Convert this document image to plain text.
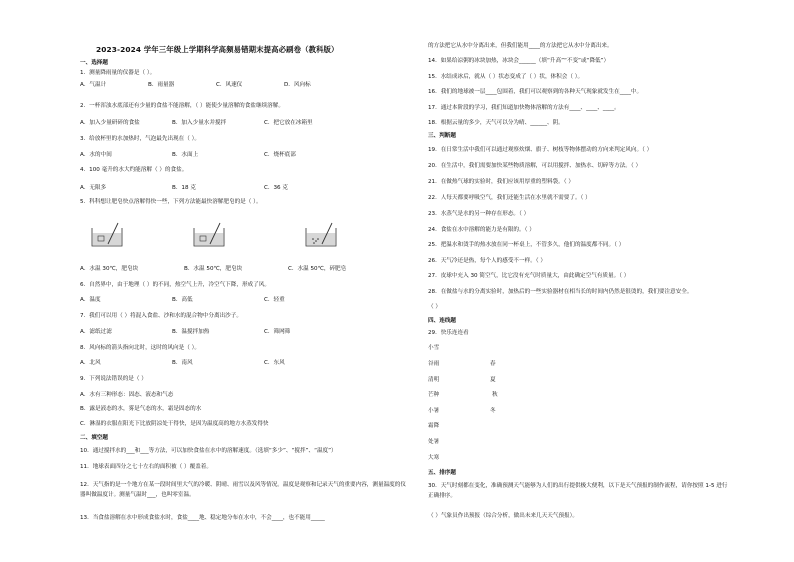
2023-2024 学年三年级上学期科学高频易错期末提高必刷卷（教科版）
一、选择题
1．测量降雨量的仪器是（ ）。
A．气温计	B．雨量器	C．风速仪	D．风向标
2．一杯浑浊水底部还有少量的食盐不能溶解，（ ）能使少量溶解的食盐继续溶解。
A．加入少量研碎的食盐	B．加入少量水并搅拌	C．把它放在冰箱里
3．给放杯里的水加热时，气泡最先出现在（ ）。
A．水的中间	B．水面上	C．烧杯底部
4．100 毫升的水大约能溶解（ ）的食盐。
A．无限多	B．18 克	C．36 克
5．科科想让肥皂快点溶解得快一些，下列方法能最快溶解肥皂的是（ ）。
A．水温 30℃，肥皂块	B．水温 50℃，肥皂块	C．水温 50℃，碎肥皂
6．自然界中，由于地理（ ）的不同，热空气上升，冷空气下降，形成了风。
A．温度	B．高低	C．轻重
7．我们可以用（ ）将混入食盐、沙和水的混合物中分离出沙子。
A．滤纸过滤	B．温搅拌加热	C．筛网筛
8．风向标的箭头指向北时，这时的风向是（ ）。
A．北风	B．南风	C．东风
9．下列说法错误的是（ ）
A．水有三种形态：固态、液态和气态
B．露是液态的水，雾是气态的水，霜是固态的水
C．淋湿的衣服在阳光下比放阴凉处干得快，是因为温度高的地方水蒸发得快
二、填空题
10．通过搅拌水的___和___等方法，可以加快食盐在水中的溶解速度。（选填“多少”、“搅拌”、“温度”）
11．地球表面四分之七十左右的面积被（ ）覆盖着。
12．天气指的是一个地方在某一段时间里大气的冷暖、阴晴、雨雪以及风等情况。温度是观察和记录天气的重要内容，测量温度的仪器叫做温度计。测量气温时___，也叫零室温。
13．当食盐溶解在水中形成食盐水时，食盐____地、稳定地分布在水中，不会____，也不能用_____
的方法把它从水中分离出来，但我们能用____的方法把它从水中分离出来。
14．如果给凉粥的冰块加热，冰块会______（填“升高”“不变”或“降低”）
15．水结成冰后，就从（ ）状态变成了（ ）状，体积会（ ）。
16．我们的地球被一层____包围着，我们可以观察到的各种天气现象就发生在____中。
17．通过本阶段的学习，我们知道加快物体溶解的方法有____、____、____。
18．根据云量的多少，天气可以分为晴、______、阴。
三、判断题
19．在日常生活中我们可以通过观察炊烟、旗子、树枝等物体摆动的方向来判定风向。（ ）
20．在生活中，我们需要加快某些物质溶解，可以用搅拌、加热水、切碎等方法。（ ）
21．在做热气球的实验时，我们应该用厚重的塑料袋。（ ）
22．人每天都要呼吸空气，我们还能生活在水里就不需要了。（ ）
23．水蒸气是水的另一种存在形态。（ ）
24．食盐在水中溶解的能力是有限的。（ ）
25．把温水和烫手的热水放在同一杯桌上，不管多久，他们的温度都不同。（ ）
26．天气冷还是热，每个人的感受不一样。（ ）
27．皮球中充入 30 简空气，比它没有充气时质量大，由此确定空气有质量。（ ）
28．在做盐与水的分离实验时，加热后的一些实验器材在相当长的时间内仍然是很烫的，我们要注意安全。
（ ）
四、连线题
29．快乐连连看
小雪
谷雨
清明
芒种
小暑
霜降
处暑
大寒
春
夏
秋
冬
五、排序题
30．天气时刻都在变化，准确预测天气能够为人们的出行提供极大便利，以下是天气预报的制作流程，请你按照 1-5 进行正确排序。
（ ）气象员作出预报（综合分析，做出未来几天天气预报）。
